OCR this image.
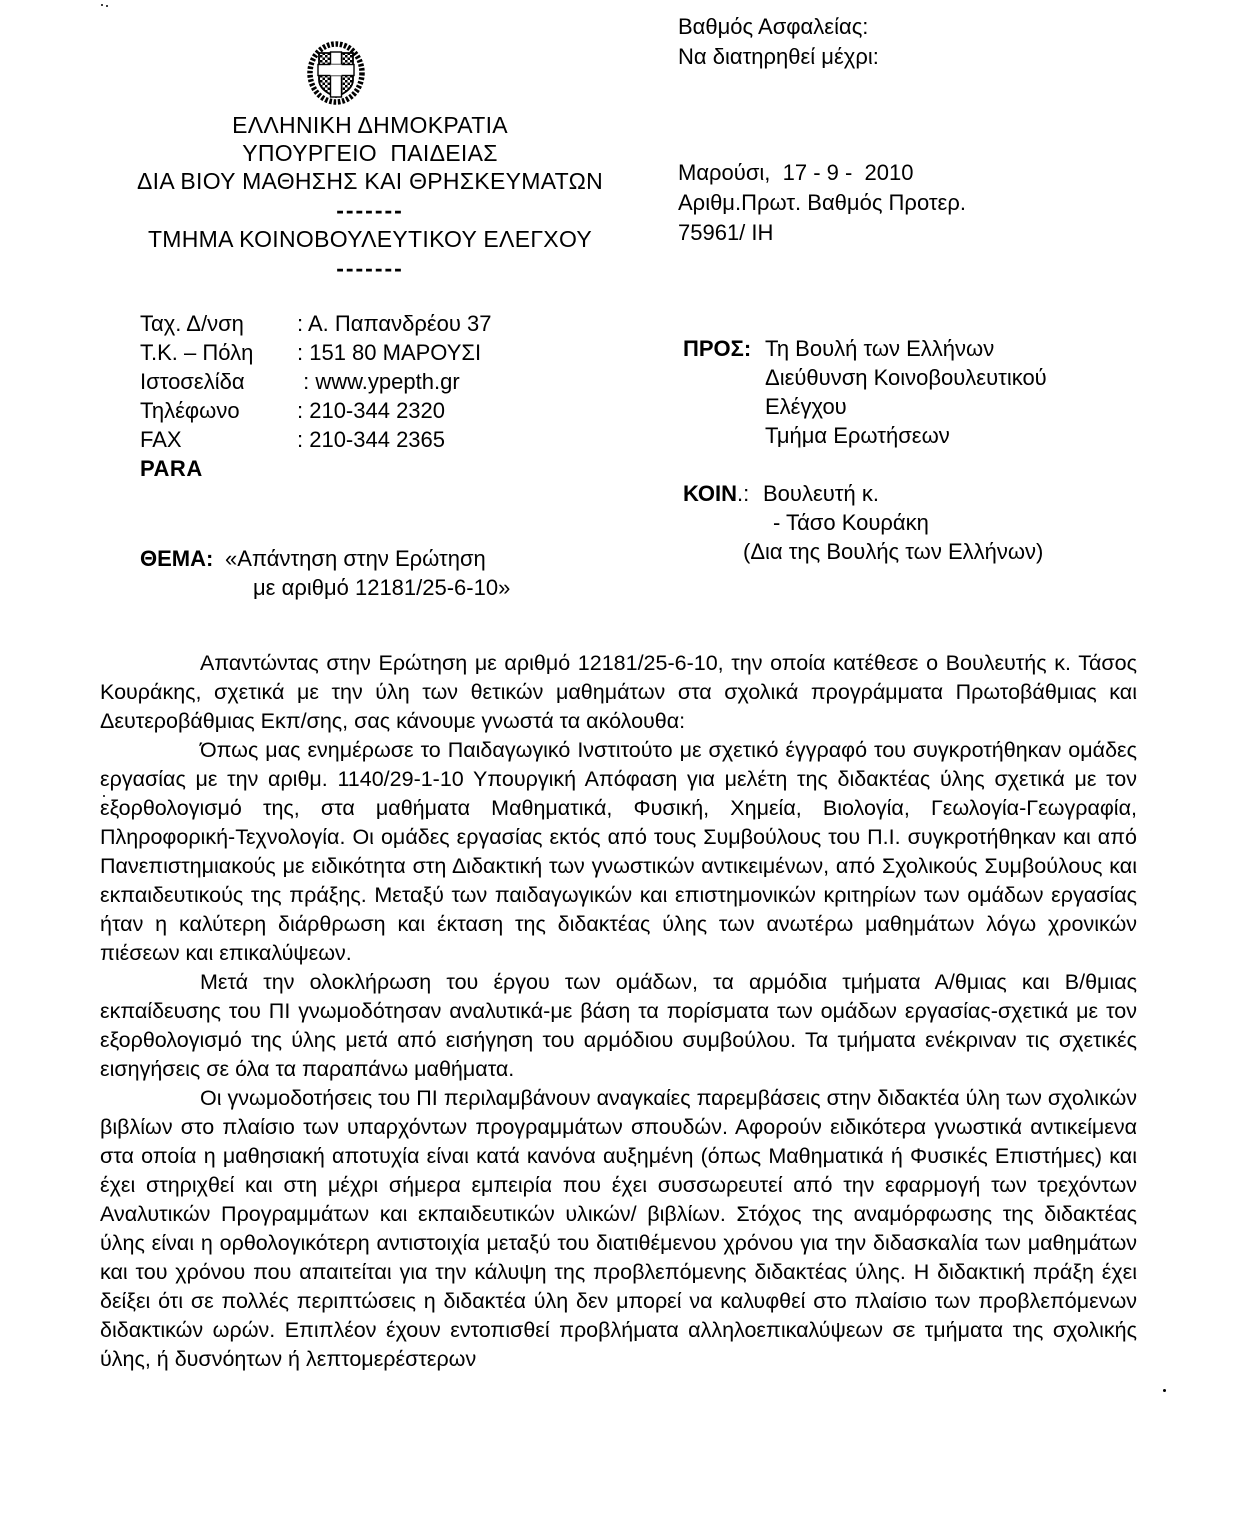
ΕΛΛΗΝΙΚΗ ΔΗΜΟΚΡΑΤΙΑ
ΥΠΟΥΡΓΕΙΟ  ΠΑΙΔΕΙΑΣ
ΔΙΑ ΒΙΟΥ ΜΑΘΗΣΗΣ ΚΑΙ ΘΡΗΣΚΕΥΜΑΤΩΝ
-------
ΤΜΗΜΑ ΚΟΙΝΟΒΟΥΛΕΥΤΙΚΟΥ ΕΛΕΓΧΟΥ
-------
Βαθμός Ασφαλείας:
Να διατηρηθεί μέχρι:
Μαρούσι,  17 - 9 -  2010
Αριθμ.Πρωτ. Βαθμός Προτερ.
75961/ ΙΗ
Ταχ. Δ/νση	: Α. Παπανδρέου 37
Τ.Κ. – Πόλη	: 151 80 ΜΑΡΟΥΣΙ
Ιστοσελίδα	: www.ypepth.gr
Τηλέφωνο	: 210-344 2320
FAX	: 210-344 2365
PARA
ΠΡΟΣ: Τη Βουλή των Ελλήνων
Διεύθυνση Κοινοβουλευτικού
Ελέγχου
Τμήμα Ερωτήσεων
ΚΟΙΝ.: Βουλευτή κ.
- Τάσο Κουράκη
(Δια της Βουλής των Ελλήνων)
ΘΕΜΑ: «Απάντηση στην Ερώτηση
με αριθμό 12181/25-6-10»

Απαντώντας στην Ερώτηση με αριθμό 12181/25-6-10, την οποία κατέθεσε ο Βουλευτής κ. Τάσος Κουράκης, σχετικά με την ύλη των θετικών μαθημάτων στα σχολικά προγράμματα Πρωτοβάθμιας και Δευτεροβάθμιας Εκπ/σης, σας κάνουμε γνωστά τα ακόλουθα:

Όπως μας ενημέρωσε το Παιδαγωγικό Ινστιτούτο με σχετικό έγγραφό του συγκροτήθηκαν ομάδες εργασίας με την αριθμ. 1140/29-1-10 Υπουργική Απόφαση για μελέτη της διδακτέας ύλης σχετικά με τον εξορθολογισμό της, στα μαθήματα Μαθηματικά, Φυσική, Χημεία, Βιολογία, Γεωλογία-Γεωγραφία, Πληροφορική-Τεχνολογία. Οι ομάδες εργασίας εκτός από τους Συμβούλους του Π.Ι. συγκροτήθηκαν και από Πανεπιστημιακούς με ειδικότητα στη Διδακτική των γνωστικών αντικειμένων, από Σχολικούς Συμβούλους και εκπαιδευτικούς της πράξης. Μεταξύ των παιδαγωγικών και επιστημονικών κριτηρίων των ομάδων εργασίας ήταν η καλύτερη διάρθρωση και έκταση της διδακτέας ύλης των ανωτέρω μαθημάτων λόγω χρονικών πιέσεων και επικαλύψεων.

Μετά την ολοκλήρωση του έργου των ομάδων, τα αρμόδια τμήματα Α/θμιας και Β/θμιας εκπαίδευσης του ΠΙ γνωμοδότησαν αναλυτικά-με βάση τα πορίσματα των ομάδων εργασίας-σχετικά με τον εξορθολογισμό της ύλης μετά από εισήγηση του αρμόδιου συμβούλου. Τα τμήματα ενέκριναν τις σχετικές εισηγήσεις σε όλα τα παραπάνω μαθήματα.

Οι γνωμοδοτήσεις του ΠΙ περιλαμβάνουν αναγκαίες παρεμβάσεις στην διδακτέα ύλη των σχολικών βιβλίων στο πλαίσιο των υπαρχόντων προγραμμάτων σπουδών. Αφορούν ειδικότερα γνωστικά αντικείμενα στα οποία η μαθησιακή αποτυχία είναι κατά κανόνα αυξημένη (όπως Μαθηματικά ή Φυσικές Επιστήμες) και έχει στηριχθεί και στη μέχρι σήμερα εμπειρία που έχει συσσωρευτεί από την εφαρμογή των τρεχόντων Αναλυτικών Προγραμμάτων και εκπαιδευτικών υλικών/ βιβλίων. Στόχος της αναμόρφωσης της διδακτέας ύλης είναι η ορθολογικότερη αντιστοιχία μεταξύ του διατιθέμενου χρόνου για την διδασκαλία των μαθημάτων και του χρόνου που απαιτείται για την κάλυψη της προβλεπόμενης διδακτέας ύλης. Η διδακτική πράξη έχει δείξει ότι σε πολλές περιπτώσεις η διδακτέα ύλη δεν μπορεί να καλυφθεί στο πλαίσιο των προβλεπόμενων διδακτικών ωρών. Επιπλέον έχουν εντοπισθεί προβλήματα αλληλοεπικαλύψεων σε τμήματα της σχολικής ύλης, ή δυσνόητων ή λεπτομερέστερων
